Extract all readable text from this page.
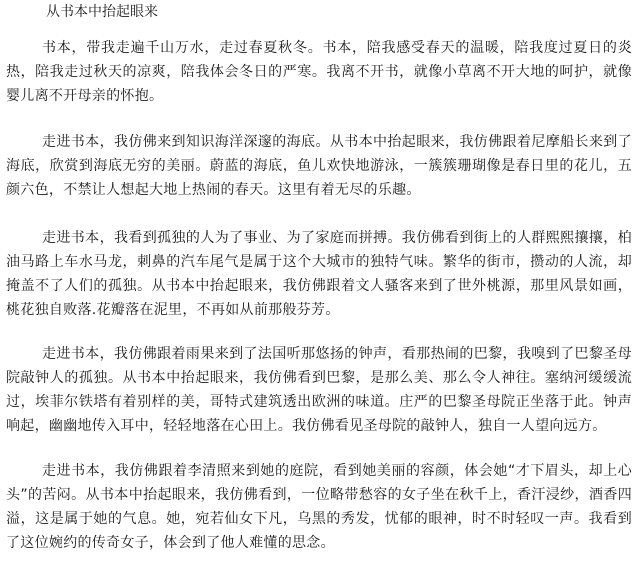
从书本中抬起眼来

书本，带我走遍千山万水，走过春夏秋冬。书本，陪我感受春天的温暖，陪我度过夏日的炎热，陪我走过秋天的凉爽，陪我体会冬日的严寒。我离不开书，就像小草离不开大地的呵护，就像婴儿离不开母亲的怀抱。

走进书本，我仿佛来到知识海洋深邃的海底。从书本中抬起眼来，我仿佛跟着尼摩船长来到了海底，欣赏到海底无穷的美丽。蔚蓝的海底，鱼儿欢快地游泳，一簇簇珊瑚像是春日里的花儿，五颜六色，不禁让人想起大地上热闹的春天。这里有着无尽的乐趣。

走进书本，我看到孤独的人为了事业、为了家庭而拼搏。我仿佛看到街上的人群熙熙攘攘，柏油马路上车水马龙，刺鼻的汽车尾气是属于这个大城市的独特气味。繁华的街市，攒动的人流，却掩盖不了人们的孤独。从书本中抬起眼来，我仿佛跟着文人骚客来到了世外桃源，那里风景如画，桃花独自败落.花瓣落在泥里，不再如从前那般芬芳。

走进书本，我仿佛跟着雨果来到了法国听那悠扬的钟声，看那热闹的巴黎，我嗅到了巴黎圣母院敲钟人的孤独。从书本中抬起眼来，我仿佛看到巴黎，是那么美、那么令人神往。塞纳河缓缓流过，埃菲尔铁塔有着别样的美，哥特式建筑透出欧洲的味道。庄严的巴黎圣母院正坐落于此。钟声响起，幽幽地传入耳中，轻轻地落在心田上。我仿佛看见圣母院的敲钟人，独自一人望向远方。

走进书本，我仿佛跟着李清照来到她的庭院，看到她美丽的容颜，体会她“才下眉头，却上心头”的苦闷。从书本中抬起眼来，我仿佛看到，一位略带愁容的女子坐在秋千上，香汗浸纱，酒香四溢，这是属于她的气息。她，宛若仙女下凡，乌黑的秀发，忧郁的眼神，时不时轻叹一声。我看到了这位婉约的传奇女子，体会到了他人难懂的思念。
